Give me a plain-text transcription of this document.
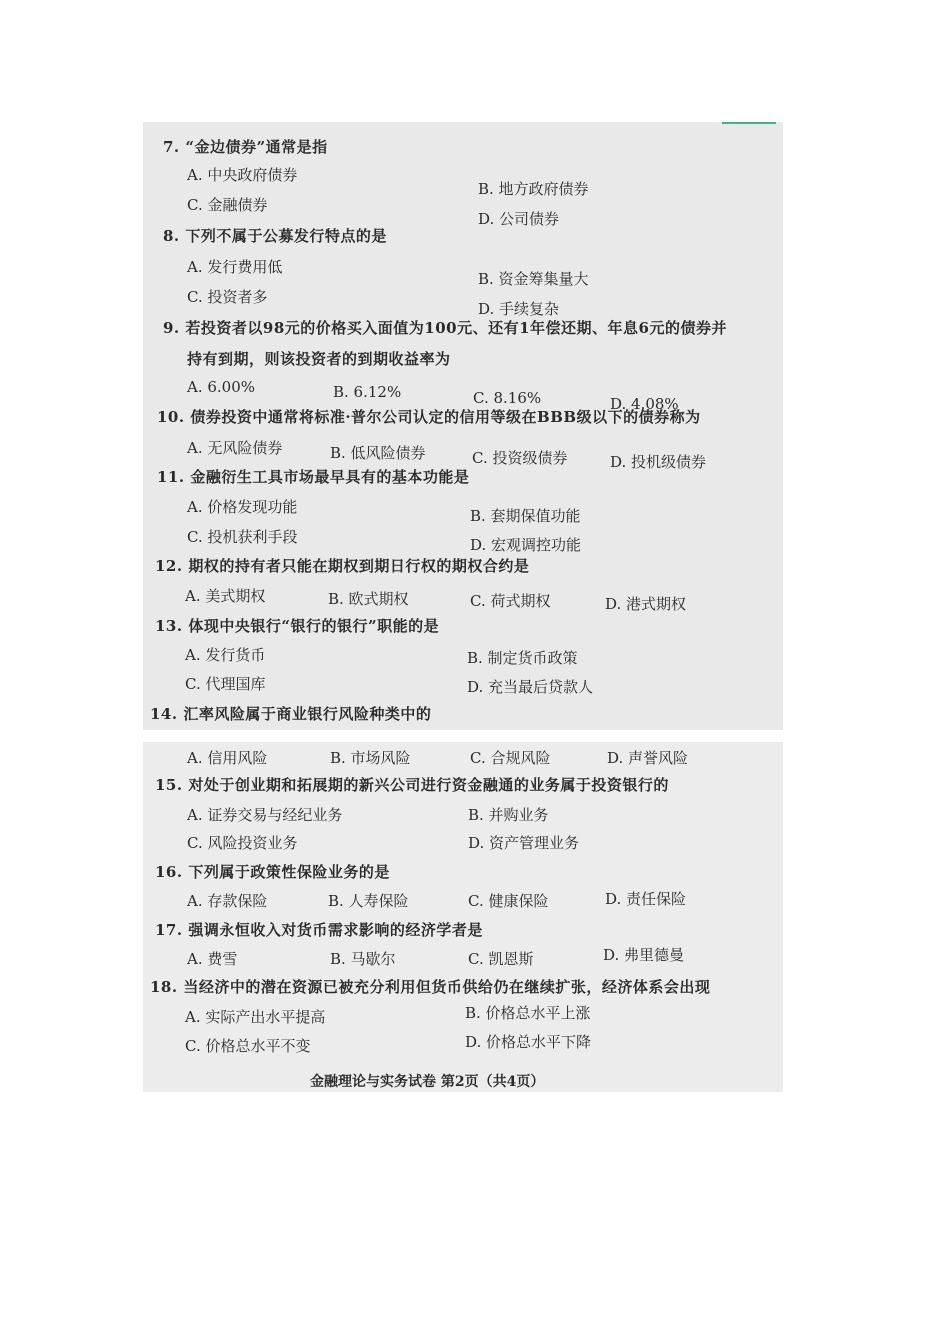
7. “金边债券”通常是指
A. 中央政府债券
B. 地方政府债券
C. 金融债券
D. 公司债券
8. 下列不属于公募发行特点的是
A. 发行费用低
B. 资金筹集量大
C. 投资者多
D. 手续复杂
9. 若投资者以98元的价格买入面值为100元、还有1年偿还期、年息6元的债券并
持有到期，则该投资者的到期收益率为
A. 6.00%	B. 6.12%	C. 8.16%	D. 4.08%
10. 债券投资中通常将标准·普尔公司认定的信用等级在BBB级以下的债券称为
A. 无风险债券	B. 低风险债券	C. 投资级债券	D. 投机级债券
11. 金融衍生工具市场最早具有的基本功能是
A. 价格发现功能	B. 套期保值功能
C. 投机获利手段	D. 宏观调控功能
12. 期权的持有者只能在期权到期日行权的期权合约是
A. 美式期权	B. 欧式期权	C. 荷式期权	D. 港式期权
13. 体现中央银行“银行的银行”职能的是
A. 发行货币	B. 制定货币政策
C. 代理国库	D. 充当最后贷款人
14. 汇率风险属于商业银行风险种类中的
A. 信用风险	B. 市场风险	C. 合规风险	D. 声誉风险
15. 对处于创业期和拓展期的新兴公司进行资金融通的业务属于投资银行的
A. 证券交易与经纪业务	B. 并购业务
C. 风险投资业务	D. 资产管理业务
16. 下列属于政策性保险业务的是
A. 存款保险	B. 人寿保险	C. 健康保险	D. 责任保险
17. 强调永恒收入对货币需求影响的经济学者是
A. 费雪	B. 马歇尔	C. 凯恩斯	D. 弗里德曼
18. 当经济中的潜在资源已被充分利用但货币供给仍在继续扩张，经济体系会出现
A. 实际产出水平提高	B. 价格总水平上涨
C. 价格总水平不变	D. 价格总水平下降
金融理论与实务试卷 第2页（共4页）
